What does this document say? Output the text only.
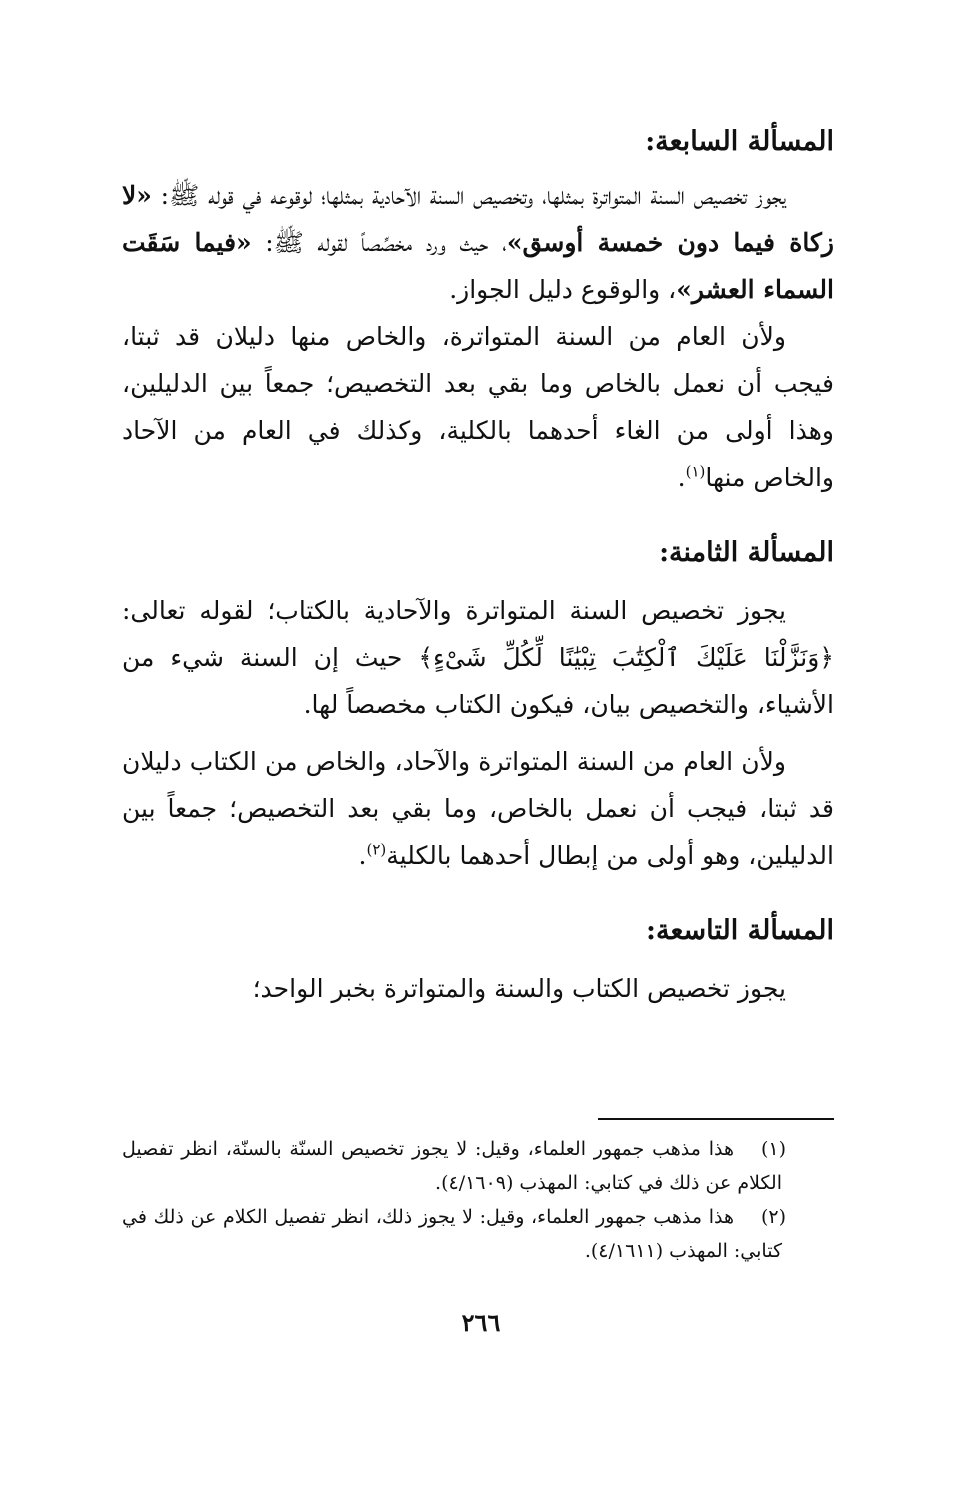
المسألة السابعة:

يجوز تخصيص السنة المتواترة بمثلها، وتخصيص السنة الآحادية بمثلها؛ لوقوعه في قوله ﷺ: «لا زكاة فيما دون خمسة أوسق»، حيث ورد مخصِّصاً لقوله ﷺ: «فيما سَقَت السماء العشر»، والوقوع دليل الجواز.

ولأن العام من السنة المتواترة، والخاص منها دليلان قد ثبتا، فيجب أن نعمل بالخاص وما بقي بعد التخصيص؛ جمعاً بين الدليلين، وهذا أولى من الغاء أحدهما بالكلية، وكذلك في العام من الآحاد والخاص منها$^{(١)}$.

المسألة الثامنة:

يجوز تخصيص السنة المتواترة والآحادية بالكتاب؛ لقوله تعالى: ﴿وَنَزَّلْنَا عَلَيْكَ ٱلْكِتَٰبَ تِبْيَٰنًا لِّكُلِّ شَىْءٍ﴾ حيث إن السنة شيء من الأشياء، والتخصيص بيان، فيكون الكتاب مخصصاً لها.

ولأن العام من السنة المتواترة والآحاد، والخاص من الكتاب دليلان قد ثبتا، فيجب أن نعمل بالخاص، وما بقي بعد التخصيص؛ جمعاً بين الدليلين، وهو أولى من إبطال أحدهما بالكلية$^{(٢)}$.

المسألة التاسعة:

يجوز تخصيص الكتاب والسنة والمتواترة بخبر الواحد؛

(١)
هذا مذهب جمهور العلماء، وقيل: لا يجوز تخصيص السنّة بالسنّة، انظر تفصيل الكلام عن ذلك في كتابي: المهذب (٤/١٦٠٩).

(٢)
هذا مذهب جمهور العلماء، وقيل: لا يجوز ذلك، انظر تفصيل الكلام عن ذلك في كتابي: المهذب (٤/١٦١١).

٢٦٦
